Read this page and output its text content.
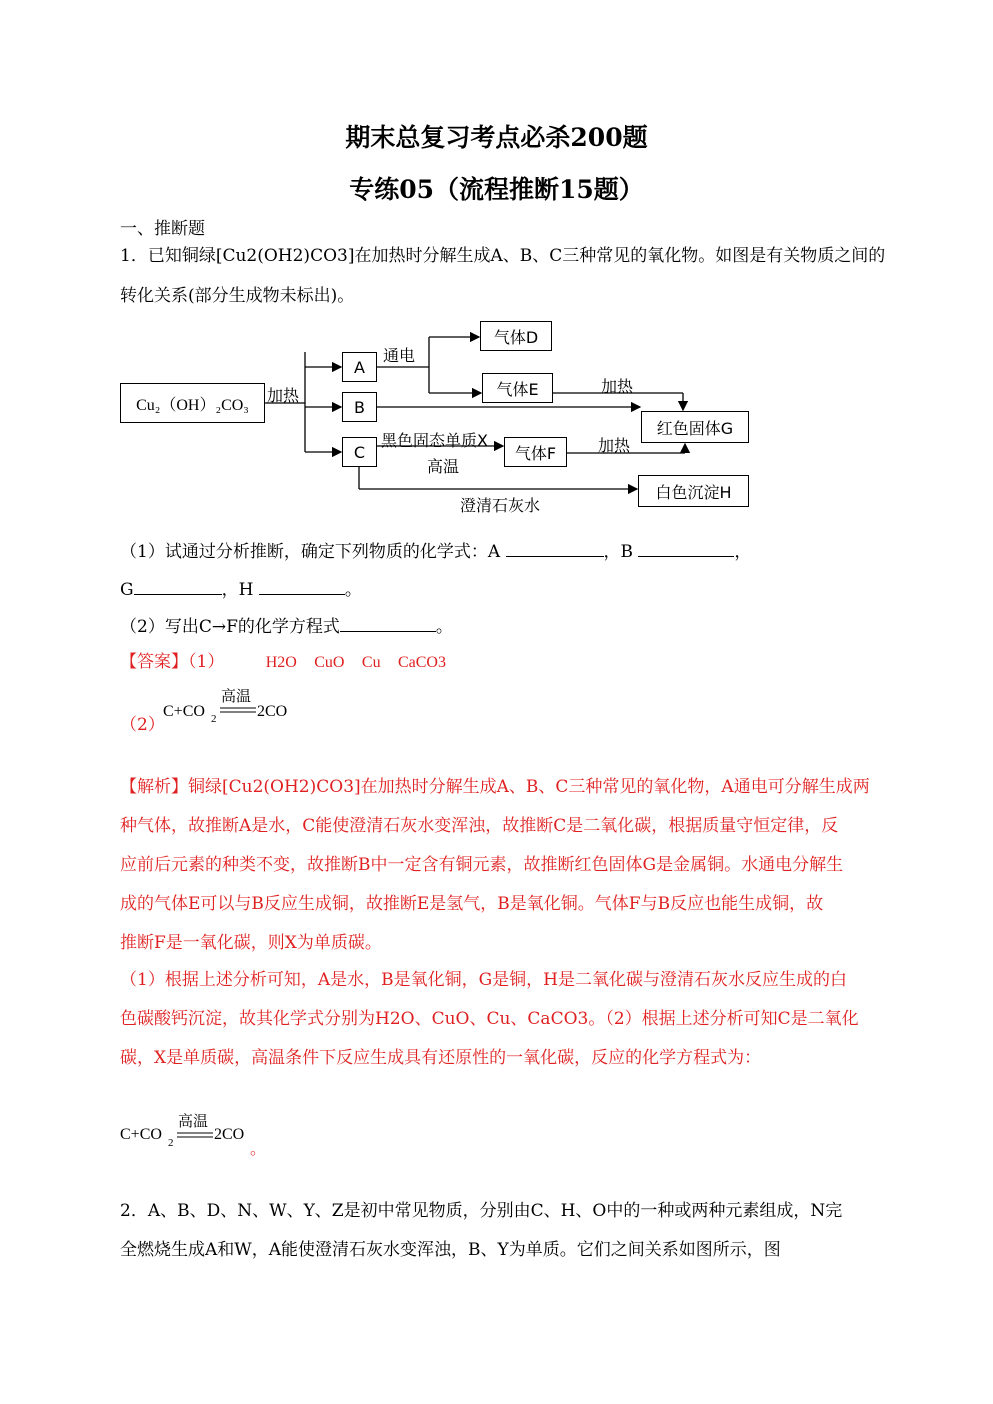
期末总复习考点必杀200题
专练05（流程推断15题）
一、推断题
1．已知铜绿[Cu2(OH2)CO3]在加热时分解生成A、B、C三种常见的氧化物。如图是有关物质之间的
转化关系(部分生成物未标出)。
Cu₂（OH）₂CO₃	加热
A
B
C
通电
气体D
气体E	加热
红色固体G
黑色固态单质X
高温
气体F	加热
澄清石灰水
白色沉淀H
（1）试通过分析推断，确定下列物质的化学式：A	，B	，
G	，H	。
（2）写出C→F的化学方程式	。
【答案】（1）	H2O CuO Cu CaCO3
（2）
C+CO 2
高温
2CO
【解析】铜绿[Cu2(OH2)CO3]在加热时分解生成A、B、C三种常见的氧化物，A通电可分解生成两
种气体，故推断A是水，C能使澄清石灰水变浑浊，故推断C是二氧化碳，根据质量守恒定律，反
应前后元素的种类不变，故推断B中一定含有铜元素，故推断红色固体G是金属铜。水通电分解生
成的气体E可以与B反应生成铜，故推断E是氢气，B是氧化铜。气体F与B反应也能生成铜，故
推断F是一氧化碳，则X为单质碳。
（1）根据上述分析可知，A是水，B是氧化铜，G是铜，H是二氧化碳与澄清石灰水反应生成的白
色碳酸钙沉淀，故其化学式分别为H2O、CuO、Cu、CaCO3。（2）根据上述分析可知C是二氧化
碳，X是单质碳，高温条件下反应生成具有还原性的一氧化碳，反应的化学方程式为：
C+CO 2
高温
2CO
。
2．A、B、D、N、W、Y、Z是初中常见物质，分别由C、H、O中的一种或两种元素组成，N完
全燃烧生成A和W，A能使澄清石灰水变浑浊，B、Y为单质。它们之间关系如图所示，图
